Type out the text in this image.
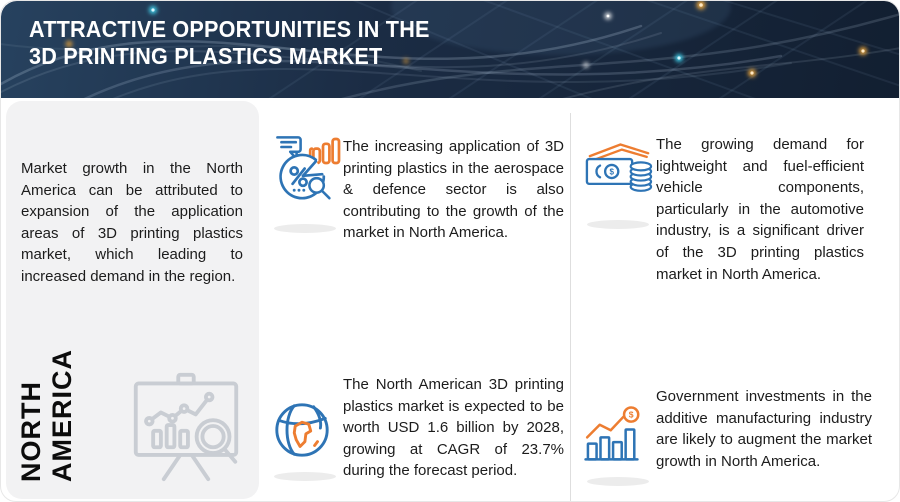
ATTRACTIVE OPPORTUNITIES IN THE
3D PRINTING PLASTICS MARKET

Market growth in the North America can be attributed to expansion of the application areas of 3D printing plastics market, which leading to increased demand in the region.

NORTH AMERICA

The increasing application of 3D printing plastics in the aerospace & defence sector is also contributing to the growth of the market in North America.

$

The growing demand for lightweight and fuel-efficient vehicle components, particularly in the automotive industry, is a significant driver of the 3D printing plastics market in North America.

The North American 3D printing plastics market is expected to be worth USD 1.6 billion by 2028, growing at CAGR of 23.7% during the forecast period.

$

Government investments in the additive manufacturing industry are likely to augment the market growth in North America.
